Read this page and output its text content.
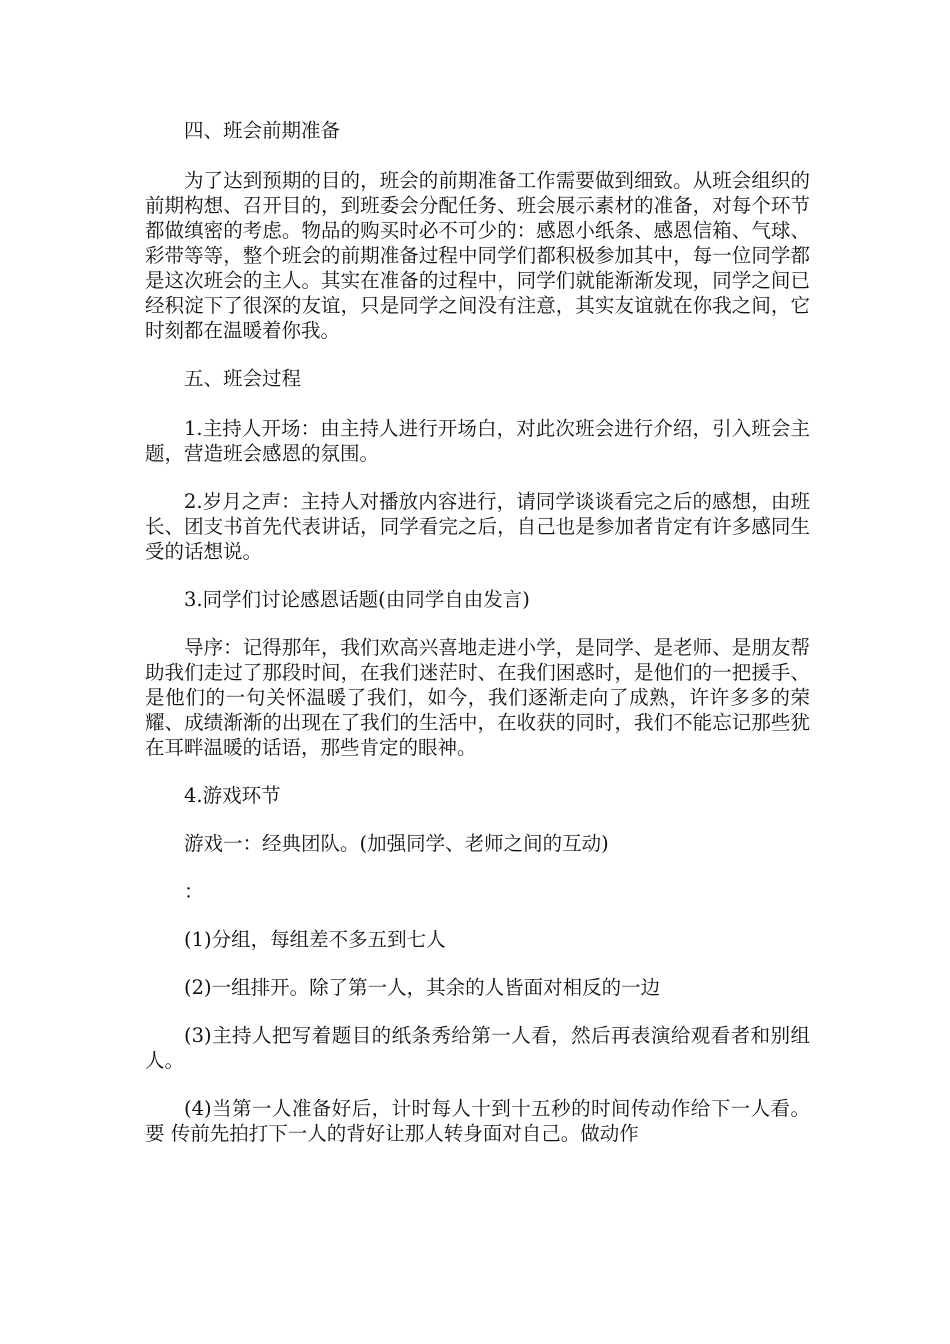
四、班会前期准备

为了达到预期的目的，班会的前期准备工作需要做到细致。从班会组织的前期构想、召开目的，到班委会分配任务、班会展示素材的准备，对每个环节都做缜密的考虑。物品的购买时必不可少的：感恩小纸条、感恩信箱、气球、彩带等等，整个班会的前期准备过程中同学们都积极参加其中，每一位同学都是这次班会的主人。其实在准备的过程中，同学们就能渐渐发现，同学之间已经积淀下了很深的友谊，只是同学之间没有注意，其实友谊就在你我之间，它时刻都在温暖着你我。

五、班会过程

1.主持人开场：由主持人进行开场白，对此次班会进行介绍，引入班会主题，营造班会感恩的氛围。

2.岁月之声：主持人对播放内容进行，请同学谈谈看完之后的感想，由班长、团支书首先代表讲话，同学看完之后，自己也是参加者肯定有许多感同生受的话想说。

3.同学们讨论感恩话题(由同学自由发言)

导序：记得那年，我们欢高兴喜地走进小学，是同学、是老师、是朋友帮助我们走过了那段时间，在我们迷茫时、在我们困惑时，是他们的一把援手、是他们的一句关怀温暖了我们，如今，我们逐渐走向了成熟，许许多多的荣耀、成绩渐渐的出现在了我们的生活中，在收获的同时，我们不能忘记那些犹在耳畔温暖的话语，那些肯定的眼神。

4.游戏环节

游戏一：经典团队。(加强同学、老师之间的互动)

：

(1)分组，每组差不多五到七人

(2)一组排开。除了第一人，其余的人皆面对相反的一边

(3)主持人把写着题目的纸条秀给第一人看，然后再表演给观看者和别组人。

(4)当第一人准备好后，计时每人十到十五秒的时间传动作给下一人看。要 传前先拍打下一人的背好让那人转身面对自己。做动作
